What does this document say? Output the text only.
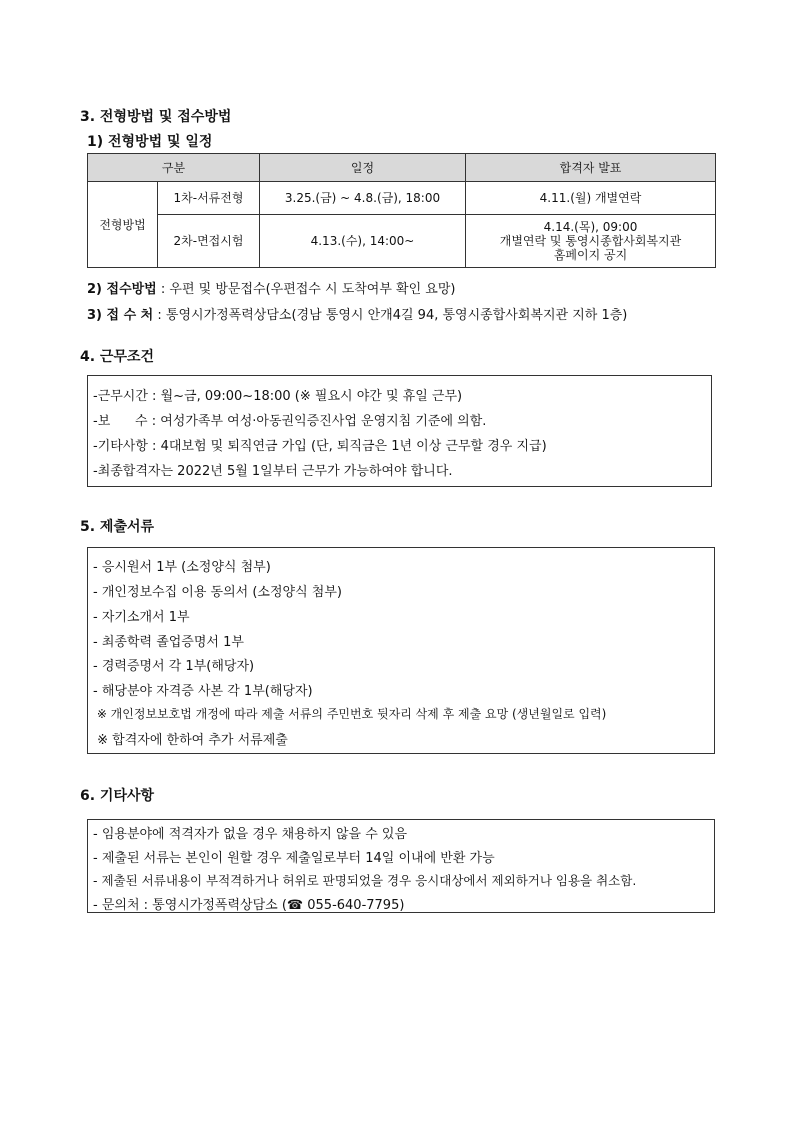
3. 전형방법 및 접수방법
1) 전형방법 및 일정
구분		일정	합격자 발표
전형방법	1차-서류전형	3.25.(금) ~ 4.8.(금), 18:00	4.11.(월) 개별연락
	2차-면접시험	4.13.(수), 14:00~	4.14.(목), 09:00
개별연락 및 통영시종합사회복지관
홈페이지 공지
2) 접수방법 : 우편 및 방문접수(우편접수 시 도착여부 확인 요망)
3) 접 수 처 : 통영시가정폭력상담소(경남 통영시 안개4길 94, 통영시종합사회복지관 지하 1층)
4. 근무조건
-근무시간 : 월~금, 09:00~18:00 (※ 필요시 야간 및 휴일 근무)
-보      수 : 여성가족부 여성·아동권익증진사업 운영지침 기준에 의함.
-기타사항 : 4대보험 및 퇴직연금 가입 (단, 퇴직금은 1년 이상 근무할 경우 지급)
-최종합격자는 2022년 5월 1일부터 근무가 가능하여야 합니다.
5. 제출서류
- 응시원서 1부 (소정양식 첨부)
- 개인정보수집 이용 동의서 (소정양식 첨부)
- 자기소개서 1부
- 최종학력 졸업증명서 1부
- 경력증명서 각 1부(해당자)
- 해당분야 자격증 사본 각 1부(해당자)
※ 개인정보보호법 개정에 따라 제출 서류의 주민번호 뒷자리 삭제 후 제출 요망 (생년월일로 입력)
※ 합격자에 한하여 추가 서류제출
6. 기타사항
- 임용분야에 적격자가 없을 경우 채용하지 않을 수 있음
- 제출된 서류는 본인이 원할 경우 제출일로부터 14일 이내에 반환 가능
- 제출된 서류내용이 부적격하거나 허위로 판명되었을 경우 응시대상에서 제외하거나 임용을 취소함.
- 문의처 : 통영시가정폭력상담소 (☎ 055-640-7795)
